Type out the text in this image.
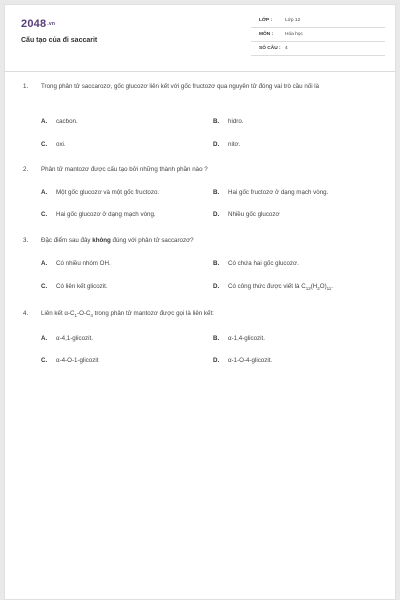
2048.vn
Cấu tạo của đi saccarit
LỚP :	Lớp 12
MÔN : Hóa học
SỐ CÂU : 4
1. Trong phân tử saccarozơ, gốc glucozơ liên kết với gốc fructozơ qua nguyên tử đóng vai trò cầu nối là
A. cacbon.	B. hidro.
C. oxi.	D. nitơ.
2. Phân tử mantozơ được cấu tạo bởi những thành phần nào ?
A. Một gốc glucozơ và một gốc fructozo.	B. Hai gốc fructozơ ở dạng mạch vòng.
C. Hai gốc glucozơ ở dạng mạch vòng.	D. Nhiều gốc glucozơ
3. Đặc điểm sau đây không đúng với phân tử saccarozơ?
A. Có nhiều nhóm OH.	B. Có chứa hai gốc glucozơ.
C. Có liên kết glicozit.	D. Có công thức được viết là $C_{12}(H_2O)_{11}$.
4. Liên kết $\alpha-C_1-O-C_4$ trong phân tử mantozơ được gọi là liên kết:
A. α-4,1-glicozit.	B. α-1,4-glicozit.
C. α-4-O-1-glicozit	D. α-1-O-4-glicozit.
